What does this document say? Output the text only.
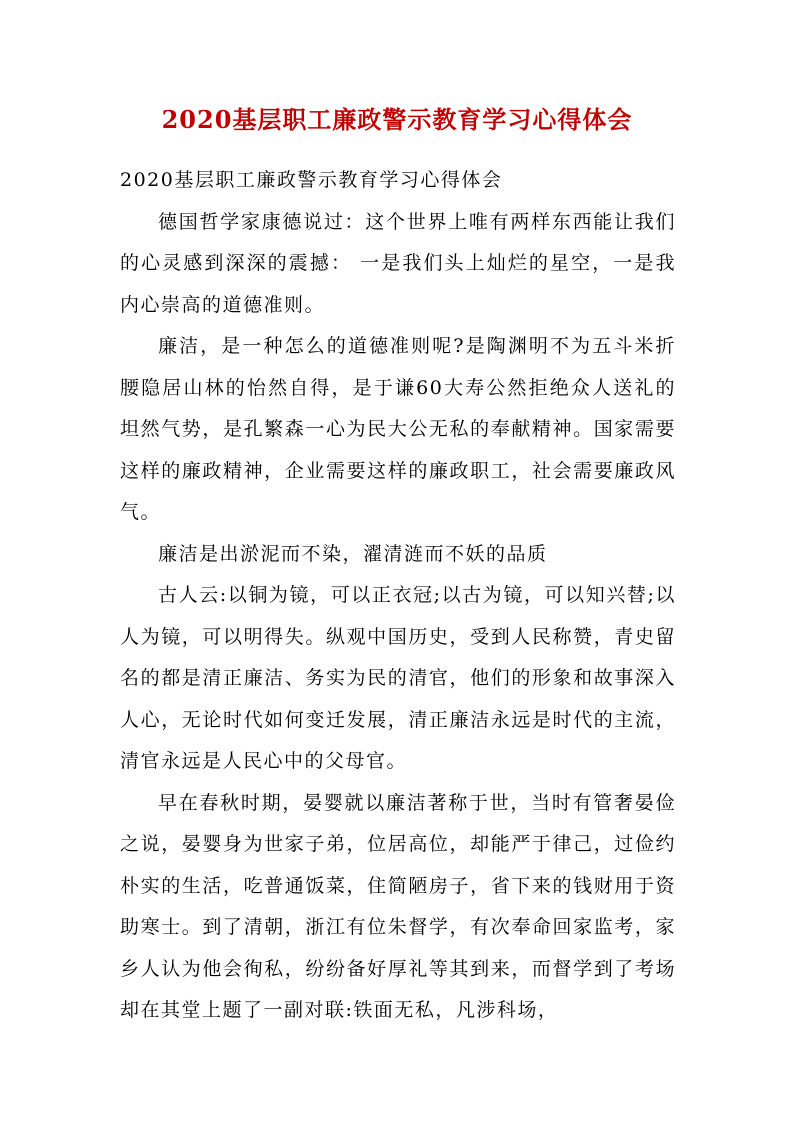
2020基层职工廉政警示教育学习心得体会

2020基层职工廉政警示教育学习心得体会

德国哲学家康德说过：这个世界上唯有两样东西能让我们的心灵感到深深的震撼： 一是我们头上灿烂的星空，一是我内心崇高的道德准则。

廉洁，是一种怎么的道德准则呢?是陶渊明不为五斗米折腰隐居山林的怡然自得，是于谦60大寿公然拒绝众人送礼的坦然气势，是孔繁森一心为民大公无私的奉献精神。国家需要这样的廉政精神，企业需要这样的廉政职工，社会需要廉政风气。

廉洁是出淤泥而不染，濯清涟而不妖的品质

古人云:以铜为镜，可以正衣冠;以古为镜，可以知兴替;以人为镜，可以明得失。纵观中国历史，受到人民称赞，青史留名的都是清正廉洁、务实为民的清官，他们的形象和故事深入人心，无论时代如何变迁发展，清正廉洁永远是时代的主流，清官永远是人民心中的父母官。

早在春秋时期，晏婴就以廉洁著称于世，当时有管奢晏俭之说，晏婴身为世家子弟，位居高位，却能严于律己，过俭约朴实的生活，吃普通饭菜，住简陋房子，省下来的钱财用于资助寒士。到了清朝，浙江有位朱督学，有次奉命回家监考，家乡人认为他会徇私，纷纷备好厚礼等其到来，而督学到了考场却在其堂上题了一副对联:铁面无私，凡涉科场，
